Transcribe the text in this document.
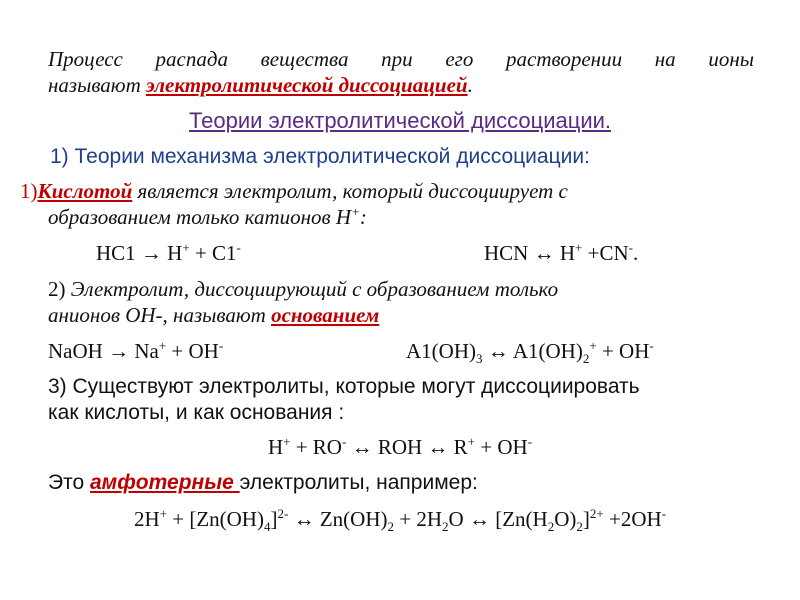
Процесс распада вещества при его растворении на ионы
называют электролитической диссоциацией.
Теории электролитической диссоциации.
1) Теории механизма электролитической диссоциации:
1)Кислотой является электролит, который диссоциирует с
образованием только катионов H+:
HC1 → H+ + C1-	HCN ↔ H+ +CN-.
2) Электролит, диссоциирующий с образованием только
анионов OH-, называют основанием
NaOH → Na+ + OH-	$A1(OH)_3$ ↔ $A1(OH)_2^+ + OH^-$
3) Существуют электролиты, которые могут диссоциировать
как кислоты, и как основания :
H+ + RO- ↔ ROH ↔ R+ + OH-
Это амфотерные электролиты, например:
$2H^+ + [Zn(OH)_4]^{2-}$ ↔ $Zn(OH)_2 + 2H_2O$ ↔ $[Zn(H_2O)_2]^{2+} +2OH^-$
